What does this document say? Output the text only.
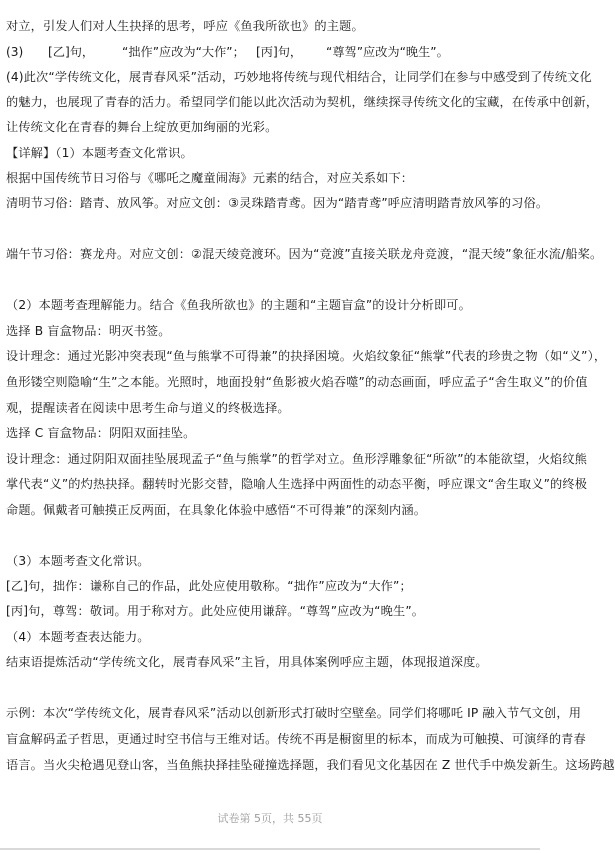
对立，引发人们对人生抉择的思考，呼应《鱼我所欲也》的主题。
(3) [乙]句， “拙作”应改为“大作”； [丙]句， “尊驾”应改为“晚生”。
(4)此次“学传统文化，展青春风采”活动，巧妙地将传统与现代相结合，让同学们在参与中感受到了传统文化
的魅力，也展现了青春的活力。希望同学们能以此次活动为契机，继续探寻传统文化的宝藏，在传承中创新，
让传统文化在青春的舞台上绽放更加绚丽的光彩。
【详解】（1）本题考查文化常识。
根据中国传统节日习俗与《哪吒之魔童闹海》元素的结合，对应关系如下：
清明节习俗：踏青、放风筝。对应文创：③灵珠踏青鸢。因为“踏青鸢”呼应清明踏青放风筝的习俗。
端午节习俗：赛龙舟。对应文创：②混天绫竞渡环。因为“竞渡”直接关联龙舟竞渡，“混天绫”象征水流/船桨。
（2）本题考查理解能力。结合《鱼我所欲也》的主题和“主题盲盒”的设计分析即可。
选择 B 盲盒物品：明灭书签。
设计理念：通过光影冲突表现“鱼与熊掌不可得兼”的抉择困境。火焰纹象征“熊掌”代表的珍贵之物（如“义”），
鱼形镂空则隐喻“生”之本能。光照时，地面投射“鱼影被火焰吞噬”的动态画面，呼应孟子“舍生取义”的价值
观，提醒读者在阅读中思考生命与道义的终极选择。
选择 C 盲盒物品：阴阳双面挂坠。
设计理念：通过阴阳双面挂坠展现孟子“鱼与熊掌”的哲学对立。鱼形浮雕象征“所欲”的本能欲望，火焰纹熊
掌代表“义”的灼热抉择。翻转时光影交替，隐喻人生选择中两面性的动态平衡，呼应课文“舍生取义”的终极
命题。佩戴者可触摸正反两面，在具象化体验中感悟“不可得兼”的深刻内涵。
（3）本题考查文化常识。
[乙]句，拙作：谦称自己的作品，此处应使用敬称。“拙作”应改为“大作”；
[丙]句，尊驾：敬词。用于称对方。此处应使用谦辞。“尊驾”应改为“晚生”。
（4）本题考查表达能力。
结束语提炼活动“学传统文化，展青春风采”主旨，用具体案例呼应主题，体现报道深度。
示例：本次“学传统文化，展青春风采”活动以创新形式打破时空壁垒。同学们将哪吒 IP 融入节气文创，用
盲盒解码孟子哲思，更通过时空书信与王维对话。传统不再是橱窗里的标本，而成为可触摸、可演绎的青春
语言。当火尖枪遇见登山客，当鱼熊抉择挂坠碰撞选择题，我们看见文化基因在 Z 世代手中焕发新生。这场跨越
试卷第 5页，共 55页
